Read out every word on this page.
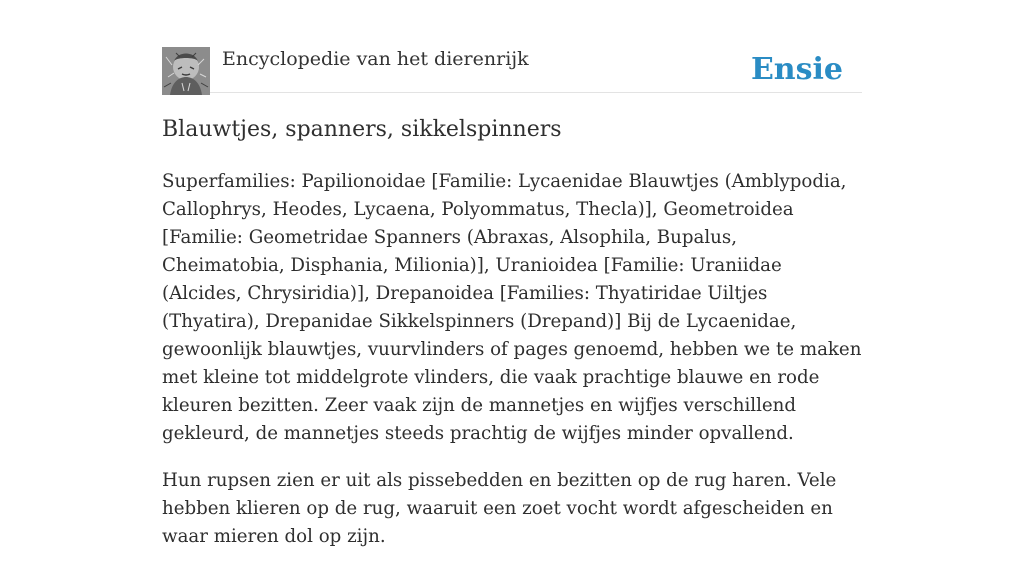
Encyclopedie van het dierenrijk	Ensie
Blauwtjes, spanners, sikkelspinners

Superfamilies: Papilionoidae [Familie: Lycaenidae Blauwtjes (Amblypodia, Callophrys, Heodes, Lycaena, Polyommatus, Thecla)], Geometroidea [Familie: Geometridae Spanners (Abraxas, Alsophila, Bupalus, Cheimatobia, Disphania, Milionia)], Uranioidea [Familie: Uraniidae (Alcides, Chrysiridia)], Drepanoidea [Families: Thyatiridae Uiltjes (Thyatira), Drepanidae Sikkelspinners (Drepand)] Bij de Lycaenidae, gewoonlijk blauwtjes, vuurvlinders of pages genoemd, hebben we te maken met kleine tot middelgrote vlinders, die vaak prachtige blauwe en rode kleuren bezitten. Zeer vaak zijn de mannetjes en wijfjes verschillend gekleurd, de mannetjes steeds prachtig de wijfjes minder opvallend.

Hun rupsen zien er uit als pissebedden en bezitten op de rug haren. Vele hebben klieren op de rug, waaruit een zoet vocht wordt afgescheiden en waar mieren dol op zijn.
